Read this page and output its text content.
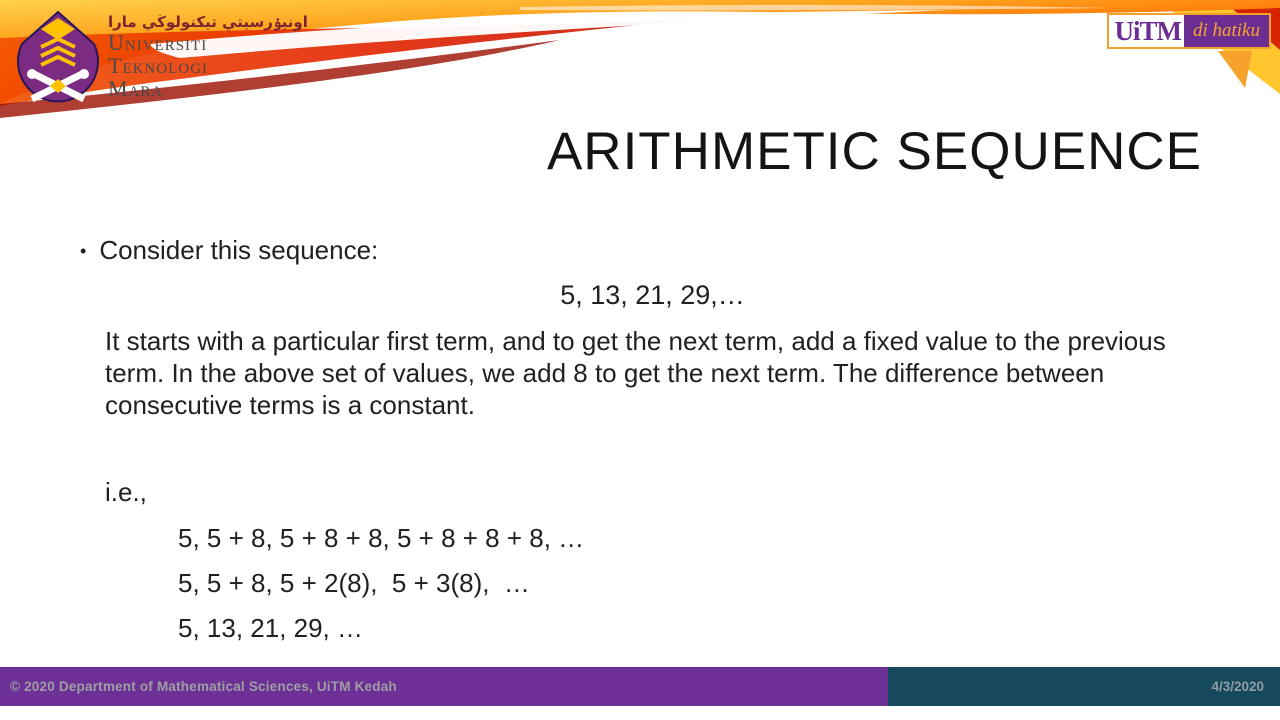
اونيۏرسيتي تيكنولوڬي مارا
Universiti
Teknologi
Mara
UiTM di hatiku
ARITHMETIC SEQUENCE
• Consider this sequence:
5, 13, 21, 29,…
It starts with a particular first term, and to get the next term, add a fixed value to the previous term. In the above set of values, we add 8 to get the next term. The difference between consecutive terms is a constant.
i.e.,
5, 5 + 8, 5 + 8 + 8, 5 + 8 + 8 + 8, …
5, 5 + 8, 5 + 2(8),  5 + 3(8),  …
5, 13, 21, 29, …
© 2020 Department of Mathematical Sciences, UiTM Kedah	4/3/2020
